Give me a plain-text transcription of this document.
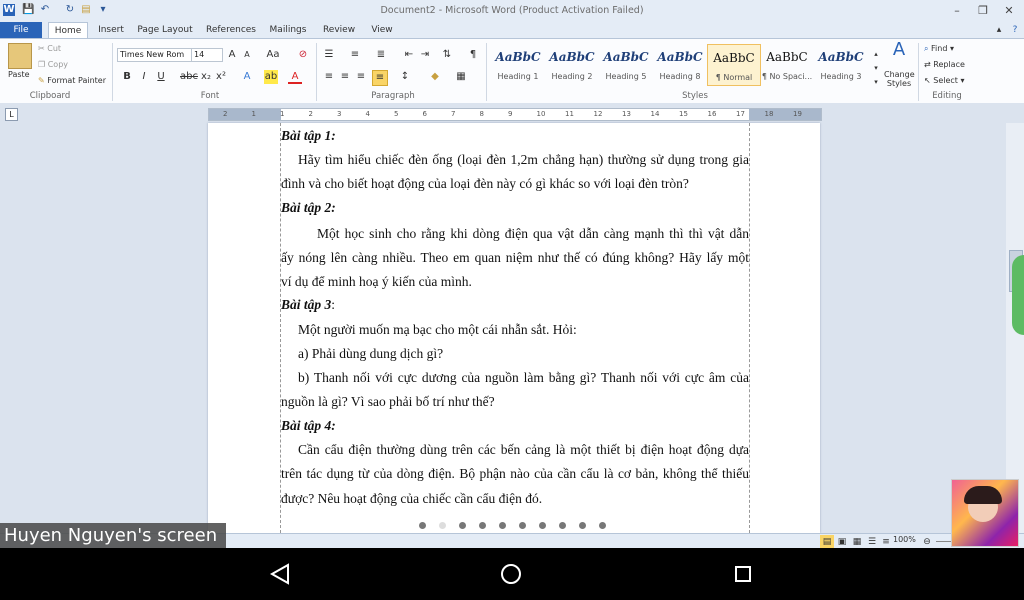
W 💾 ↶ ↻ ▤ ▾	Document2 - Microsoft Word (Product Activation Failed)	–	❐	✕
File	Home	Insert	Page Layout	References	Mailings	Review	View	▴	?
Paste
✂ Cut
❐ Copy
✎ Format Painter
Clipboard
Times New Rom	14	A	A	Aa ⊘
B	I	U	abc x₂ x²	A	ab	A
Font
☰ ≡ ≣ ⇤ ⇥ ⇅	¶
≡ ≡ ≡	≡	↕	◆	▦
Paragraph
AaBbC
Heading 1
AaBbC
Heading 2
AaBbC
Heading 5
AaBbC
Heading 8
AaBbC
¶ Normal
AaBbC
¶ No Spaci...
AaBbC
Heading 3
▴
▾
▾
A
Change Styles
Styles
⌕ Find ▾
⇄ Replace
↖ Select ▾
Editing
L	2	1	1	2	3	4	5	6	7	8	9	10	11	12	13	14	15	16	17	18	19
Bài tập 1:
Hãy tìm hiểu chiếc đèn ống (loại đèn 1,2m chẳng hạn) thường sử dụng trong gia
đình và cho biết hoạt động của loại đèn này có gì khác so với loại đèn tròn?
Bài tập 2:
Một học sinh cho rằng khi dòng điện qua vật dẫn càng mạnh thì thì vật dẫn
ấy nóng lên càng nhiều. Theo em quan niệm như thế có đúng không? Hãy lấy một
ví dụ để minh hoạ ý kiến của mình.
Bài tập 3:
Một người muốn mạ bạc cho một cái nhẫn sắt. Hỏi:
a) Phải dùng dung dịch gì?
b) Thanh nối với cực dương của nguồn làm bằng gì? Thanh nối với cực âm của
nguồn là gì? Vì sao phải bố trí như thế?
Bài tập 4:
Cần cẩu điện thường dùng trên các bến cảng là một thiết bị điện hoạt động dựa
trên tác dụng từ của dòng điện. Bộ phận nào của cần cẩu là cơ bản, không thể thiếu
được? Nêu hoạt động của chiếc cần cẩu điện đó.
▤ ▣ ▦ ☰ ≡	⊖
100%
Huyen Nguyen's screen
